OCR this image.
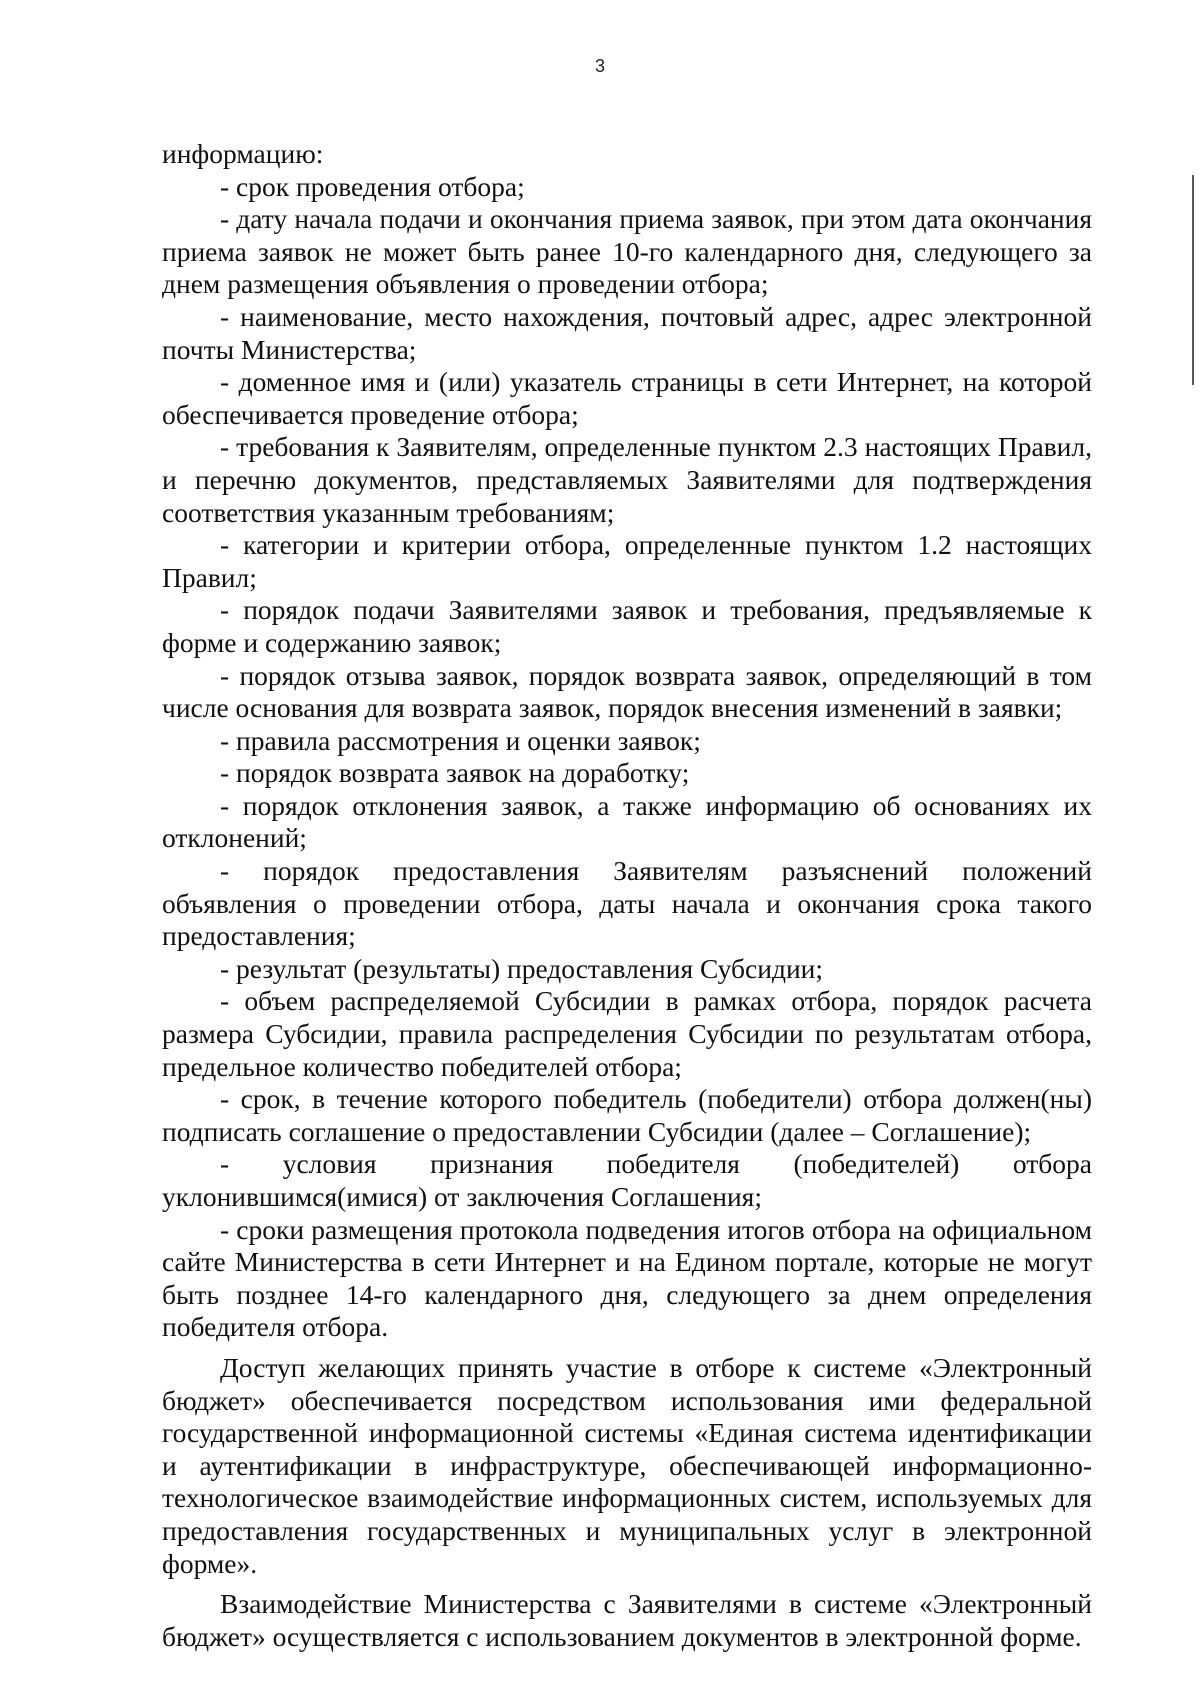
3

информацию:

- срок проведения отбора;

- дату начала подачи и окончания приема заявок, при этом дата окончания приема заявок не может быть ранее 10-го календарного дня, следующего за днем размещения объявления о проведении отбора;

- наименование, место нахождения, почтовый адрес, адрес электронной почты Министерства;

- доменное имя и (или) указатель страницы в сети Интернет, на которой обеспечивается проведение отбора;

- требования к Заявителям, определенные пунктом 2.3 настоящих Правил, и перечню документов, представляемых Заявителями для подтверждения соответствия указанным требованиям;

- категории и критерии отбора, определенные пунктом 1.2 настоящих Правил;

- порядок подачи Заявителями заявок и требования, предъявляемые к форме и содержанию заявок;

- порядок отзыва заявок, порядок возврата заявок, определяющий в том числе основания для возврата заявок, порядок внесения изменений в заявки;

- правила рассмотрения и оценки заявок;

- порядок возврата заявок на доработку;

- порядок отклонения заявок, а также информацию об основаниях их отклонений;

- порядок предоставления Заявителям разъяснений положений объявления о проведении отбора, даты начала и окончания срока такого предоставления;

- результат (результаты) предоставления Субсидии;

- объем распределяемой Субсидии в рамках отбора, порядок расчета размера Субсидии, правила распределения Субсидии по результатам отбора, предельное количество победителей отбора;

- срок, в течение которого победитель (победители) отбора должен(ны) подписать соглашение о предоставлении Субсидии (далее – Соглашение);

- условия признания победителя (победителей) отбора уклонившимся(имися) от заключения Соглашения;

- сроки размещения протокола подведения итогов отбора на официальном сайте Министерства в сети Интернет и на Едином портале, которые не могут быть позднее 14-го календарного дня, следующего за днем определения победителя отбора.

Доступ желающих принять участие в отборе к системе «Электронный бюджет» обеспечивается посредством использования ими федеральной государственной информационной системы «Единая система идентификации и аутентификации в инфраструктуре, обеспечивающей информационно-технологическое взаимодействие информационных систем, используемых для предоставления государственных и муниципальных услуг в электронной форме».

Взаимодействие Министерства с Заявителями в системе «Электронный бюджет» осуществляется с использованием документов в электронной форме.
